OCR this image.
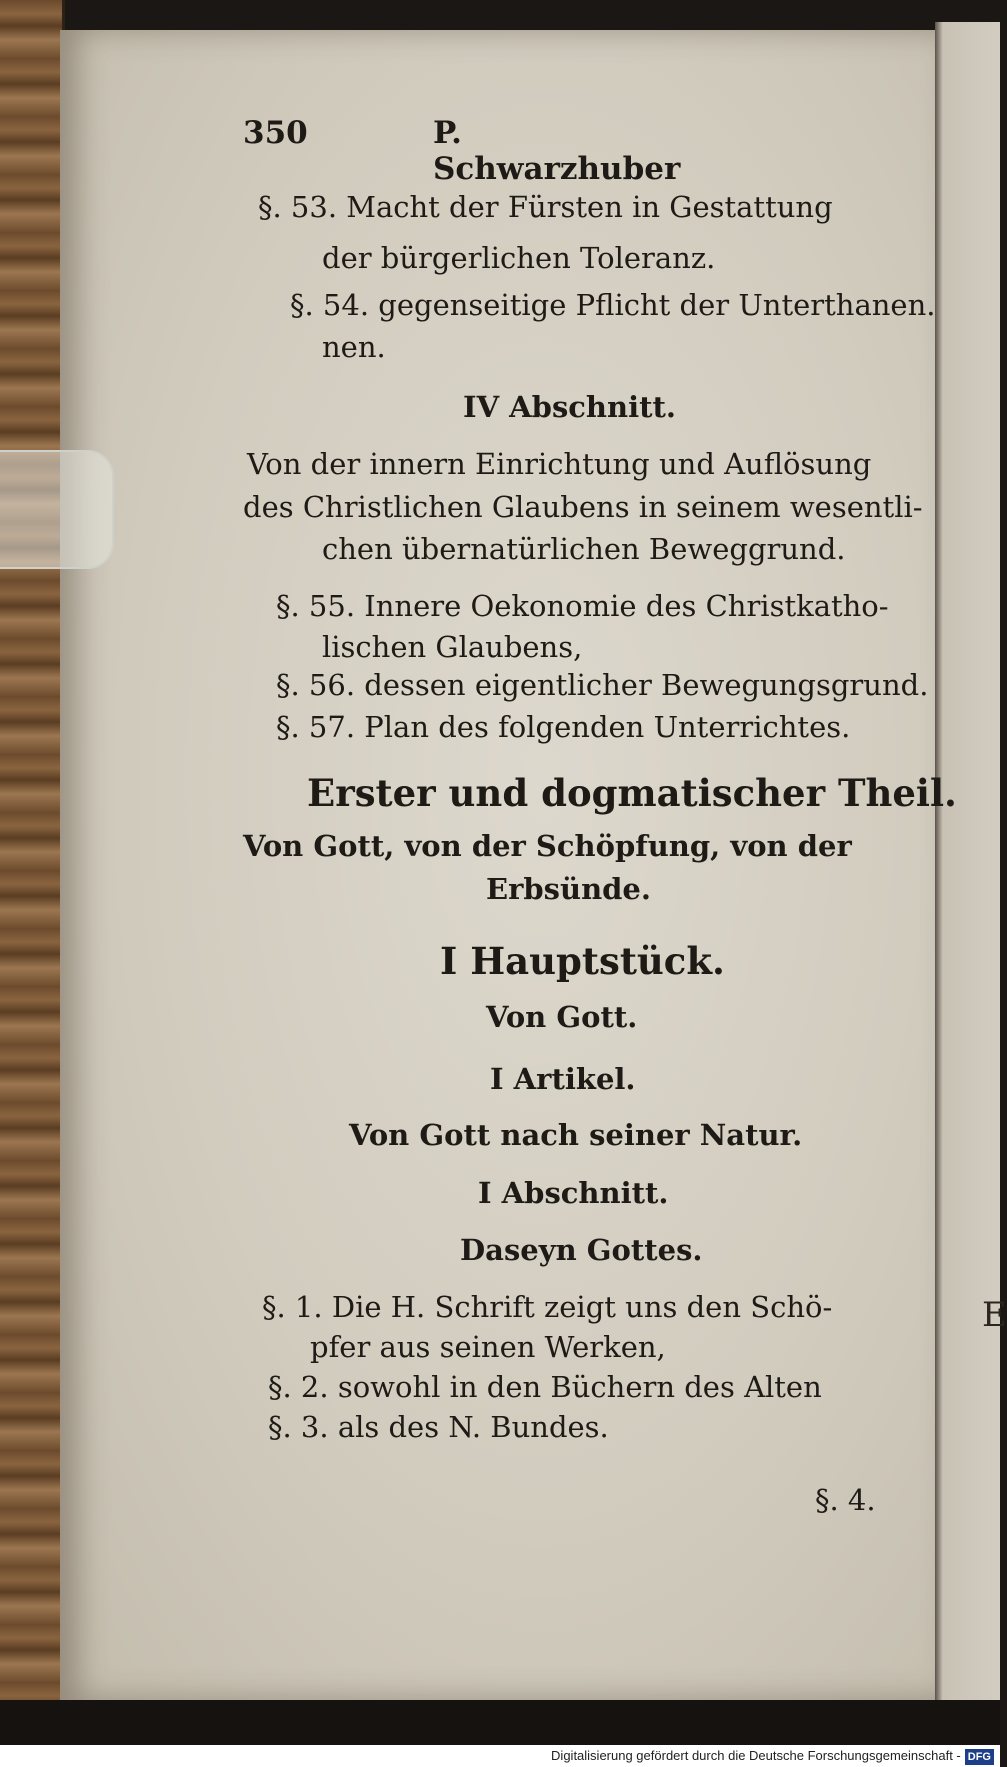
E
350	P. Schwarzhuber
§. 53. Macht der Fürsten in Gestattung
der bürgerlichen Toleranz.
§. 54. gegenseitige Pflicht der Unterthanen.
nen.
IV Abschnitt.
Von der innern Einrichtung und Auflösung
des Christlichen Glaubens in seinem wesentli-
chen übernatürlichen Beweggrund.
§. 55. Innere Oekonomie des Christkatho-
lischen Glaubens,
§. 56. dessen eigentlicher Bewegungsgrund.
§. 57. Plan des folgenden Unterrichtes.
Erster und dogmatischer Theil.
Von Gott, von der Schöpfung, von der
Erbsünde.
I Hauptstück.
Von Gott.
I Artikel.
Von Gott nach seiner Natur.
I Abschnitt.
Daseyn Gottes.
§. 1. Die H. Schrift zeigt uns den Schö-
pfer aus seinen Werken,
§. 2. sowohl in den Büchern des Alten
§. 3. als des N. Bundes.
§. 4.
Digitalisierung gefördert durch die Deutsche Forschungsgemeinschaft - DFG
